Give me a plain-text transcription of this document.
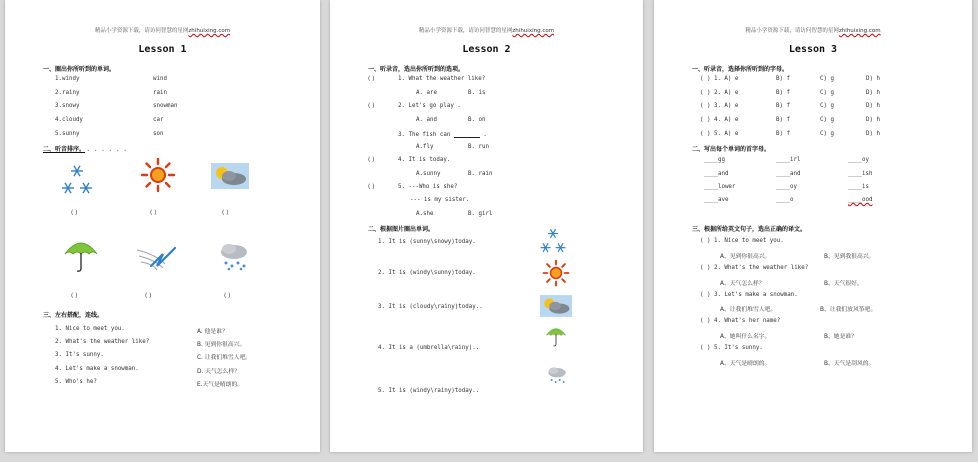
精品小学资源下载，请访问智慧的星网zhihuixing.com
Lesson 1
一、圈出你所听到的单词。
1.windy	wind
2.rainy	rain
3.snowy	snowman
4.cloudy	car
5.sunny	son
二、听音排序。 . . . . . .
( )	( )	( )
( )	( )	( )
三、左右搭配，连线。
1. Nice to meet you.	A. 他是谁？
2. What's the weather like?	B. 见到你很高兴。
3. It's sunny.	C. 让我们堆雪人吧。
4. Let's make a snowman.	D. 天气怎么样？
5. Who's he?	E.天气是晴朗的。
精品小学资源下载，请访问智慧的星网zhihuixing.com
Lesson 2
一、听录音，选出你所听到的选项。
( )	1. What the weather like?
A. are	B. is
( )	2. Let's go play .
A. and	B. on
3. The fish can	.
A.fly	B. run
( )	4. It is today.
A.sunny	B. rain
( )	5. ---Who is she?
--- is my sister.
A.she	B. girl
二、根据图片圈出单词。
1. It is (sunny\snowy)today.
2. It is (windy\sunny)today.
3. It is (cloudy\rainy)today..
4. It is a (umbrella\rainy)..
5. It is (windy\rainy)today..
精品小学资源下载，请访问智慧的星网zhihuixing.com
Lesson 3
一、听录音，选择你所听到的字母。
( ) 1. A) e	B) f	C) g	D) h
( ) 2. A) e	B) f	C) g	D) h
( ) 3. A) e	B) f	C) g	D) h
( ) 4. A) e	B) f	C) g	D) h
( ) 5. A) e	B) f	C) g	D) h
二、写出每个单词的首字母。
____gg	____irl	____oy
____and	____and	____ish
____lower	____oy	____is
____ave	____o	____ood
三、根据所给英文句子，选出正确的译文。
( ) 1. Nice to meet you.
A、见到你很高兴。	B、见到我很高兴。
( ) 2. What's the weather like?
A、天气怎么样？	B、天气很好。
( ) 3. Let's make a snowman.
A、让我们堆雪人吧。	B、让我们放风筝吧。
( ) 4. What's her name?
A、她叫什么名字。	B、她是谁？
( ) 5. It's sunny.
A、天气是晴朗的。	B、天气是刮风的。
